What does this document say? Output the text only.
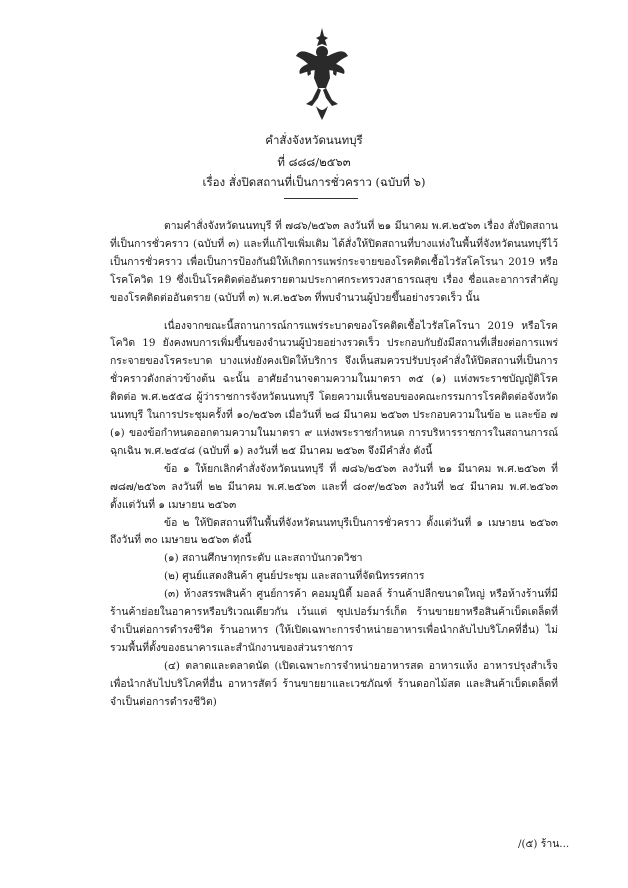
คำสั่งจังหวัดนนทบุรี
ที่ ๘๘๘/๒๕๖๓
เรื่อง สั่งปิดสถานที่เป็นการชั่วคราว (ฉบับที่ ๖)

ตามคำสั่งจังหวัดนนทบุรี ที่ ๗๘๖/๒๕๖๓ ลงวันที่ ๒๑ มีนาคม พ.ศ.๒๕๖๓ เรื่อง สั่งปิดสถานที่เป็นการชั่วคราว (ฉบับที่ ๓) และที่แก้ไขเพิ่มเติม ได้สั่งให้ปิดสถานที่บางแห่งในพื้นที่จังหวัดนนทบุรีไว้เป็นการชั่วคราว เพื่อเป็นการป้องกันมิให้เกิดการแพร่กระจายของโรคติดเชื้อไวรัสโคโรนา 2019 หรือโรคโควิด 19 ซึ่งเป็นโรคติดต่ออันตรายตามประกาศกระทรวงสาธารณสุข เรื่อง ชื่อและอาการสำคัญ ของโรคติดต่ออันตราย (ฉบับที่ ๓) พ.ศ.๒๕๖๓ ที่พบจำนวนผู้ป่วยขึ้นอย่างรวดเร็ว นั้น

เนื่องจากขณะนี้สถานการณ์การแพร่ระบาดของโรคติดเชื้อไวรัสโคโรนา 2019 หรือโรคโควิด 19 ยังคงพบการเพิ่มขึ้นของจำนวนผู้ป่วยอย่างรวดเร็ว ประกอบกับยังมีสถานที่เสี่ยงต่อการแพร่กระจายของโรคระบาด บางแห่งยังคงเปิดให้บริการ จึงเห็นสมควรปรับปรุงคำสั่งให้ปิดสถานที่เป็นการชั่วคราวดังกล่าวข้างต้น ฉะนั้น อาศัยอำนาจตามความในมาตรา ๓๕ (๑) แห่งพระราชบัญญัติโรคติดต่อ พ.ศ.๒๕๕๘ ผู้ว่าราชการจังหวัดนนทบุรี โดยความเห็นชอบของคณะกรรมการโรคติดต่อจังหวัดนนทบุรี ในการประชุมครั้งที่ ๑๐/๒๕๖๓ เมื่อวันที่ ๒๘ มีนาคม ๒๕๖๓ ประกอบความในข้อ ๒ และข้อ ๗ (๑) ของข้อกำหนดออกตามความในมาตรา ๙ แห่งพระราชกำหนด การบริหารราชการในสถานการณ์ฉุกเฉิน พ.ศ.๒๕๔๘ (ฉบับที่ ๑) ลงวันที่ ๒๕ มีนาคม ๒๕๖๓ จึงมีคำสั่ง ดังนี้

ข้อ ๑ ให้ยกเลิกคำสั่งจังหวัดนนทบุรี ที่ ๗๘๖/๒๕๖๓ ลงวันที่ ๒๑ มีนาคม พ.ศ.๒๕๖๓ ที่ ๗๘๗/๒๕๖๓ ลงวันที่ ๒๒ มีนาคม พ.ศ.๒๕๖๓ และที่ ๘๐๙/๒๕๖๓ ลงวันที่ ๒๔ มีนาคม พ.ศ.๒๕๖๓ ตั้งแต่วันที่ ๑ เมษายน ๒๕๖๓

ข้อ ๒ ให้ปิดสถานที่ในพื้นที่จังหวัดนนทบุรีเป็นการชั่วคราว ตั้งแต่วันที่ ๑ เมษายน ๒๕๖๓ ถึงวันที่ ๓๐ เมษายน ๒๕๖๓ ดังนี้

(๑) สถานศึกษาทุกระดับ และสถาบันกวดวิชา

(๒) ศูนย์แสดงสินค้า ศูนย์ประชุม และสถานที่จัดนิทรรศการ

(๓) ห้างสรรพสินค้า ศูนย์การค้า คอมมูนิตี้ มอลล์ ร้านค้าปลีกขนาดใหญ่ หรือห้างร้านที่มีร้านค้าย่อยในอาคารหรือบริเวณเดียวกัน เว้นแต่ ซุปเปอร์มาร์เก็ต ร้านขายยาหรือสินค้าเบ็ดเตล็ดที่จำเป็นต่อการดำรงชีวิต ร้านอาหาร (ให้เปิดเฉพาะการจำหน่ายอาหารเพื่อนำกลับไปบริโภคที่อื่น) ไม่รวมพื้นที่ตั้งของธนาคารและสำนักงานของส่วนราชการ

(๔) ตลาดและตลาดนัด (เปิดเฉพาะการจำหน่ายอาหารสด อาหารแห้ง อาหารปรุงสำเร็จเพื่อนำกลับไปบริโภคที่อื่น อาหารสัตว์ ร้านขายยาและเวชภัณฑ์ ร้านดอกไม้สด และสินค้าเบ็ดเตล็ดที่จำเป็นต่อการดำรงชีวิต)

/(๕) ร้าน...
